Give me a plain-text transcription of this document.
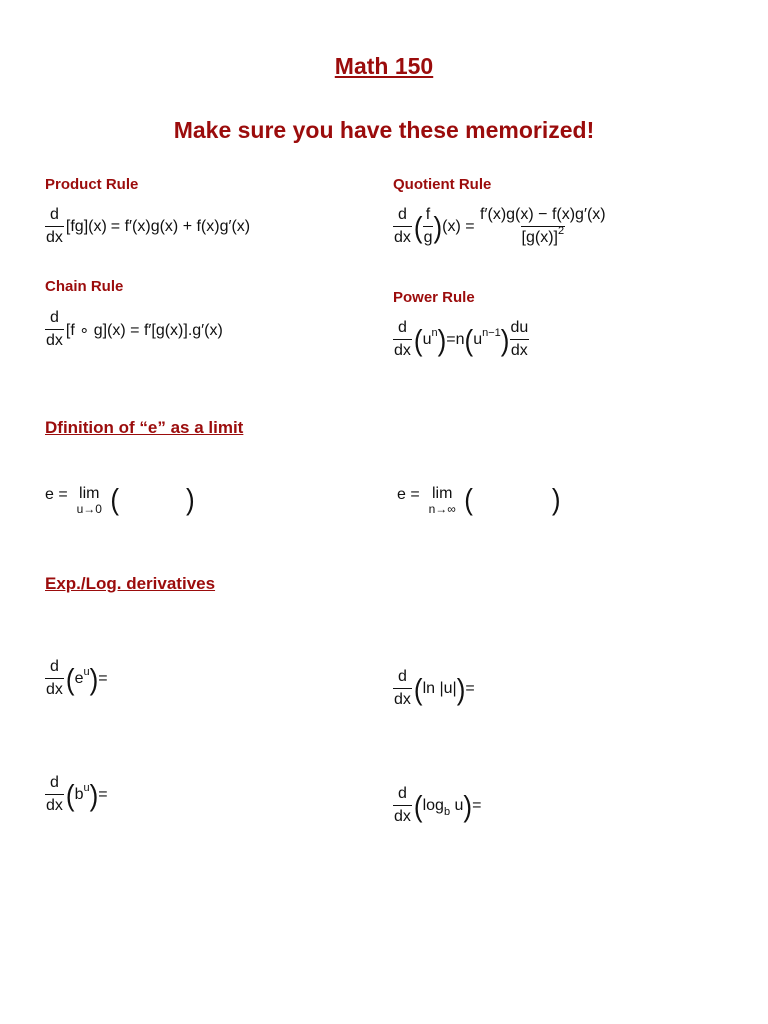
Math 150
Make sure you have these memorized!
Product Rule
$\frac{d}{dx} [fg](x) = f'(x)g(x) + f(x)g'(x)$
Quotient Rule
$\frac{d}{dx}$ ( $\frac{f}{g}$ ) $(x) = \frac{f'(x)g(x) - f(x)g'(x)}{[g(x)]^2}$
Chain Rule
$\frac{d}{dx} [f$ ∘ g](x) = f′[g(x)].g′(x)
Power Rule
$\frac{d}{dx}$ ( $u^n$ ) =n ( $u^{n-1}$ ) $\frac{du}{dx}$
Dfinition of “e” as a limit
e = lim
u→0 (	)	e = lim
n→∞ (	)
Exp./Log. derivatives
$\frac{d}{dx}$ ( $e^u$ ) =	$\frac{d}{dx}$ ( ln |u| ) =
$\frac{d}{dx}$ ( $b^u$ ) =	$\frac{d}{dx}$ ( $\log_b u$ ) =
